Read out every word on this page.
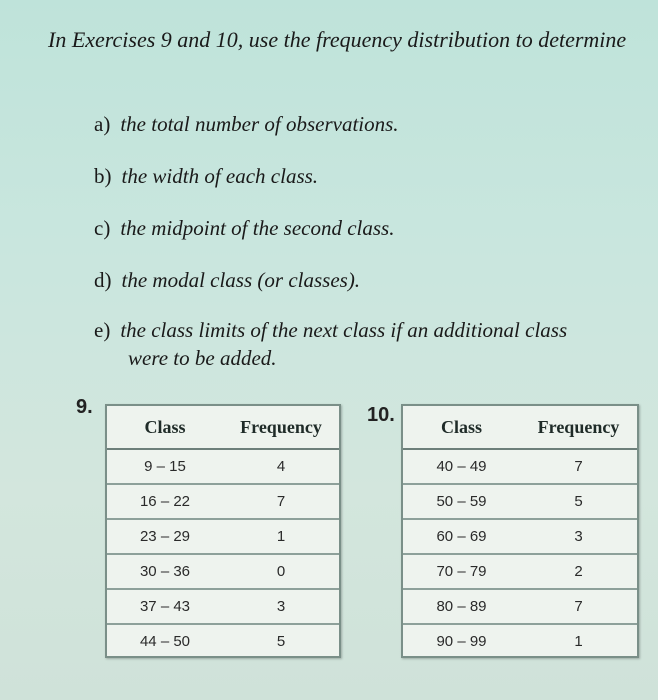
In Exercises 9 and 10, use the frequency distribution to determine
a) the total number of observations.
b) the width of each class.
c) the midpoint of the second class.
d) the modal class (or classes).
e) the class limits of the next class if an additional class
were to be added.
9.
Class	Frequency
9 – 15	4
16 – 22	7
23 – 29	1
30 – 36	0
37 – 43	3
44 – 50	5
10.
Class	Frequency
40 – 49	7
50 – 59	5
60 – 69	3
70 – 79	2
80 – 89	7
90 – 99	1
